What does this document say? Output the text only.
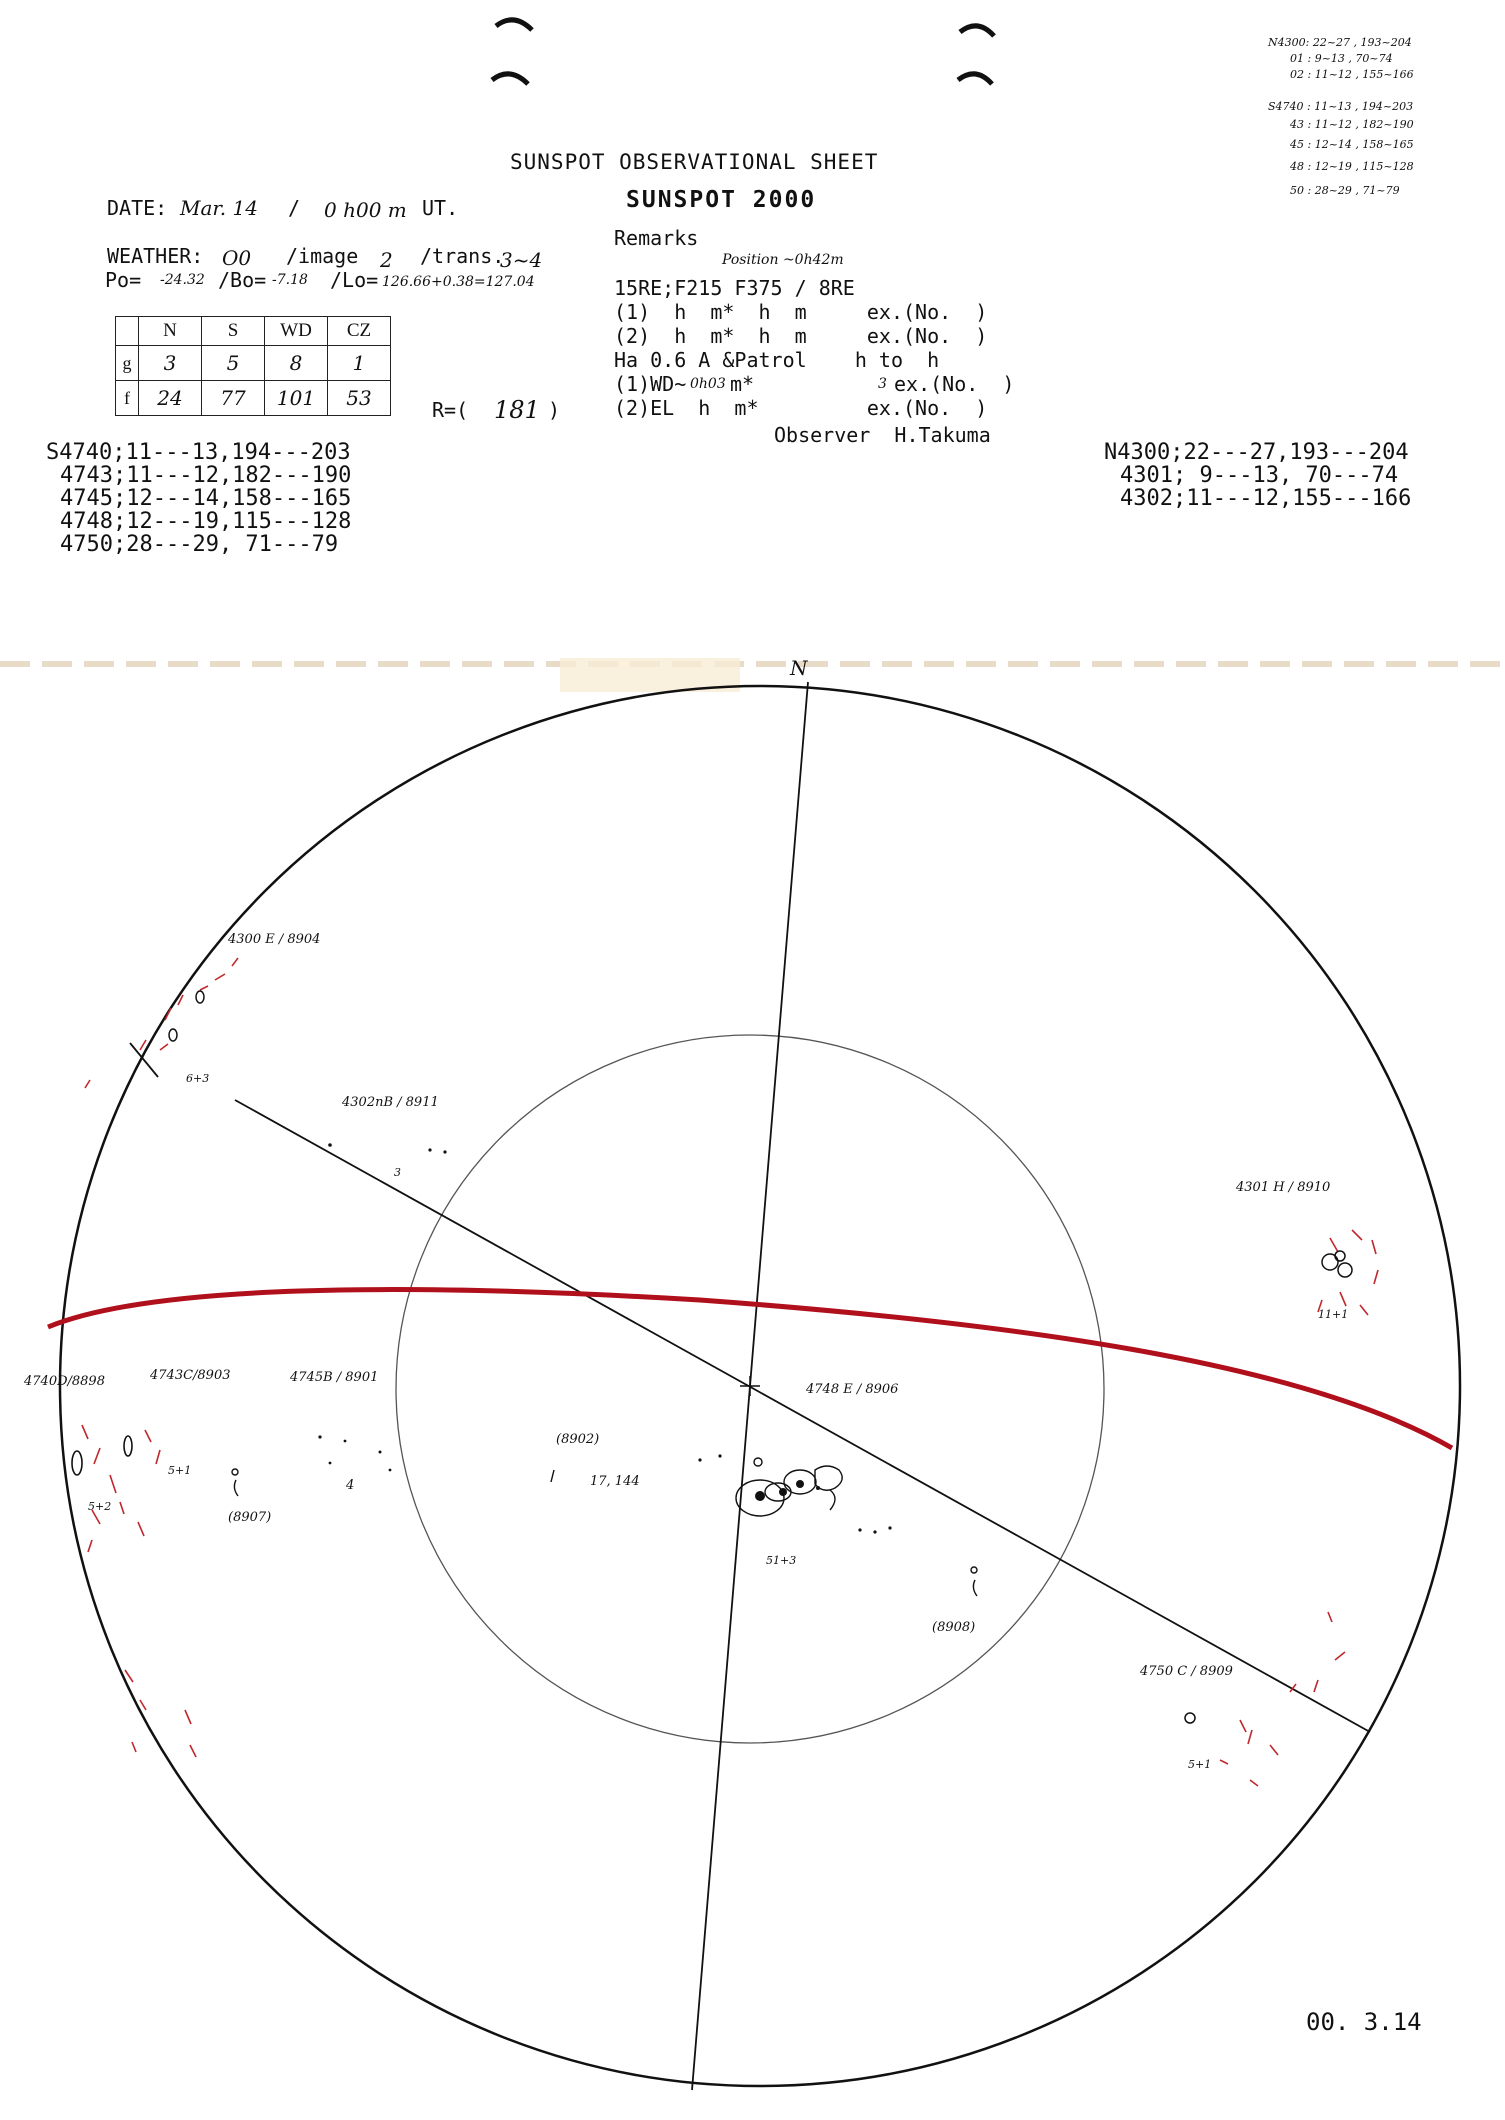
SUNSPOT OBSERVATIONAL SHEET
SUNSPOT 2000
DATE: Mar. 14 / 0 h00 m UT.
WEATHER: O0 /image 2 /trans.
3~4
Po= -24.32 /Bo= -7.18 /Lo= 126.66+0.38=127.04
	N	S	WD	CZ
g	3	5	8	1
f	24	77	101	53	R=( 181 )
Remarks
Position ~0h42m
15RE;F215 F375 / 8RE
(1)  h  m*  h  m     ex.(No.  )
(2)  h  m*  h  m     ex.(No.  )
Ha 0.6 A &Patrol    h to  h
(1)WD~ 0h03 m*	3 ex.(No.  )
(2)EL  h  m*         ex.(No.  )
Observer  H.Takuma
S4740;11---13,194---203
4743;11---12,182---190
4745;12---14,158---165
4748;12---19,115---128
4750;28---29, 71---79
N4300;22---27,193---204
4301; 9---13, 70---74
4302;11---12,155---166
N4300: 22~27 , 193~204
01 : 9~13 , 70~74
02 : 11~12 , 155~166
S4740 : 11~13 , 194~203
43 : 11~12 , 182~190
45 : 12~14 , 158~165
48 : 12~19 , 115~128
50 : 28~29 , 71~79
N
4300 E / 8904
6+3
4302nB / 8911
3
4301 H / 8910
11+1
4740D/8898	4743C/8903	4745B / 8901
5+2
5+1
4
(8907)
(8902)
17, 144
4748 E / 8906
51+3
(8908)
4750 C / 8909
5+1
00. 3.14
